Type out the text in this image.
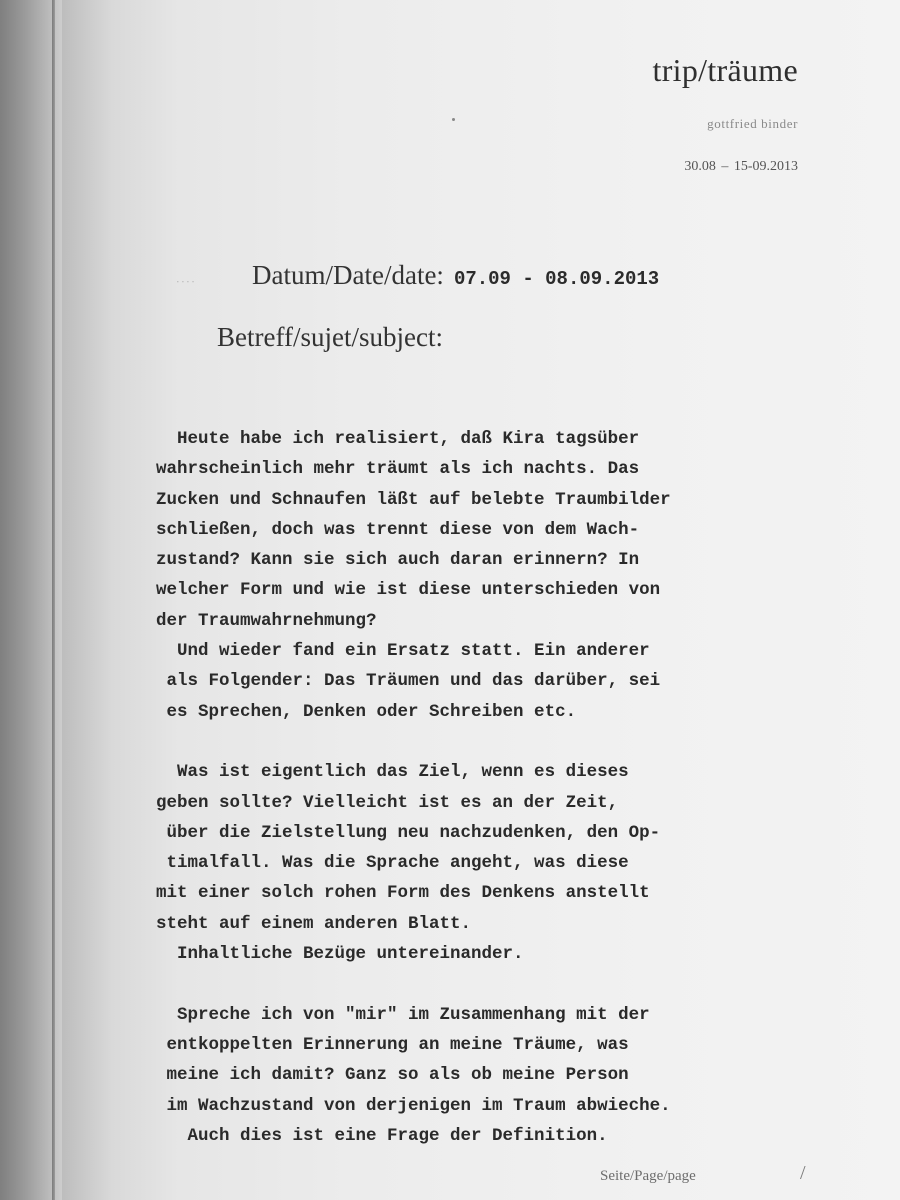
trip/träume
gottfried binder
30.08 – 15-09.2013
ᐧᐧᐧᐧ Datum/Date/date: 07.09 - 08.09.2013
Betreff/sujet/subject:
Heute habe ich realisiert, daß Kira tagsüber
wahrscheinlich mehr träumt als ich nachts. Das
Zucken und Schnaufen läßt auf belebte Traumbilder
schließen, doch was trennt diese von dem Wach-
zustand? Kann sie sich auch daran erinnern? In
welcher Form und wie ist diese unterschieden von
der Traumwahrnehmung?
Und wieder fand ein Ersatz statt. Ein anderer
als Folgender: Das Träumen und das darüber, sei
es Sprechen, Denken oder Schreiben etc.
Was ist eigentlich das Ziel, wenn es dieses
geben sollte? Vielleicht ist es an der Zeit,
über die Zielstellung neu nachzudenken, den Op-
timalfall. Was die Sprache angeht, was diese
mit einer solch rohen Form des Denkens anstellt
steht auf einem anderen Blatt.
Inhaltliche Bezüge untereinander.
Spreche ich von "mir" im Zusammenhang mit der
entkoppelten Erinnerung an meine Träume, was
meine ich damit? Ganz so als ob meine Person
im Wachzustand von derjenigen im Traum abwieche.
Auch dies ist eine Frage der Definition.
Seite/Page/page	/
